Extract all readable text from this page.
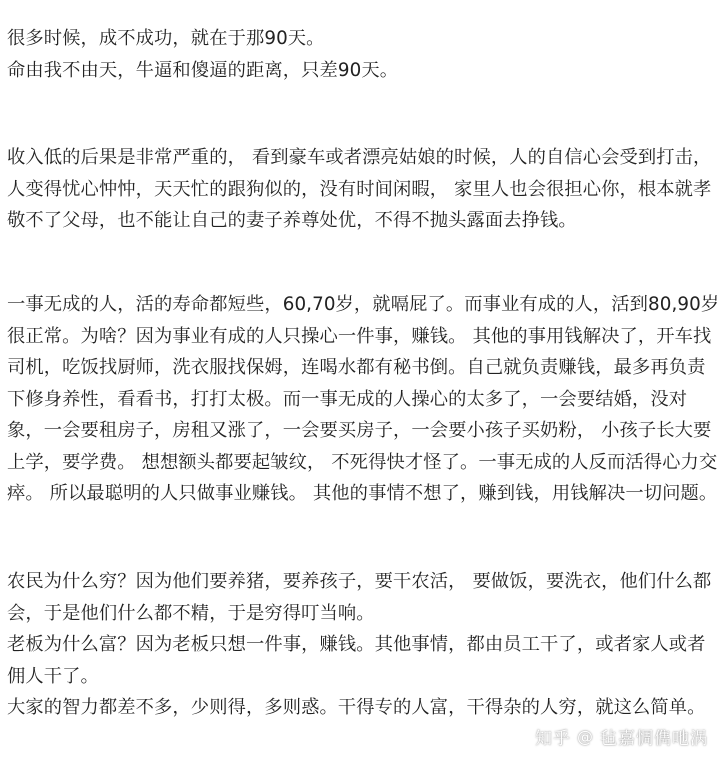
很多时候，成不成功，就在于那90天。
命由我不由天，牛逼和傻逼的距离，只差90天。
收入低的后果是非常严重的， 看到豪车或者漂亮姑娘的时候，人的自信心会受到打击，
人变得忧心忡忡，天天忙的跟狗似的，没有时间闲暇， 家里人也会很担心你，根本就孝
敬不了父母，也不能让自己的妻子养尊处优，不得不抛头露面去挣钱。
一事无成的人，活的寿命都短些，60,70岁，就嗝屁了。而事业有成的人，活到80,90岁
很正常。为啥？因为事业有成的人只操心一件事，赚钱。 其他的事用钱解决了，开车找
司机，吃饭找厨师，洗衣服找保姆，连喝水都有秘书倒。自己就负责赚钱，最多再负责
下修身养性，看看书，打打太极。而一事无成的人操心的太多了，一会要结婚，没对
象，一会要租房子，房租又涨了，一会要买房子，一会要小孩子买奶粉， 小孩子长大要
上学，要学费。 想想额头都要起皱纹， 不死得快才怪了。一事无成的人反而活得心力交
瘁。 所以最聪明的人只做事业赚钱。 其他的事情不想了，赚到钱，用钱解决一切问题。
农民为什么穷？因为他们要养猪，要养孩子，要干农活， 要做饭，要洗衣，他们什么都
会，于是他们什么都不精，于是穷得叮当响。
老板为什么富？因为老板只想一件事，赚钱。其他事情，都由员工干了，或者家人或者
佣人干了。
大家的智力都差不多，少则得，多则惑。干得专的人富，干得杂的人穷，就这么简单。
知乎 @ 毡嘉惆儁吔涡
